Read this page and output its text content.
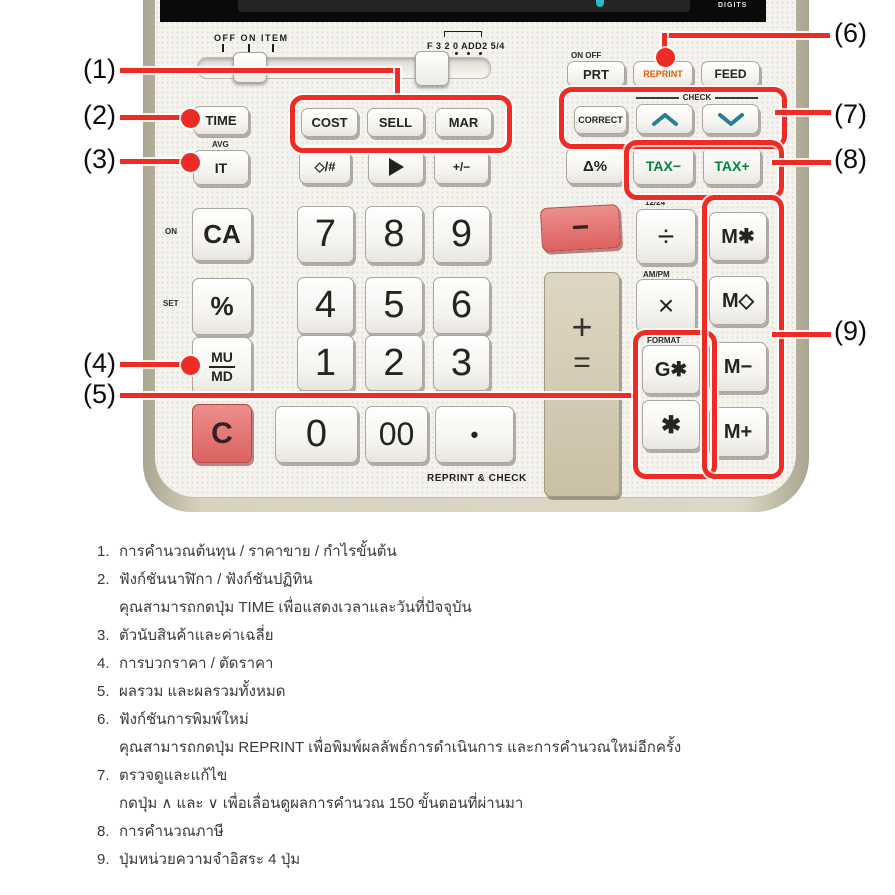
DIGITS
OFF ON ITEM
F 3 2 0 ADD2 5/4
ON OFF
PRT	REPRINT	FEED
CHECK
CORRECT
TIME	COST	SELL	MAR
AVG
IT	◇/#	+/−	Δ%	TAX−	TAX+
ON	CA	7	8	9	−
12/24
÷	M✱
SET	%	4	5	6
+
=
AM/PM
×	M◇
MU
MD	1	2	3
FORMAT
G✱	M−
C	0	00	•	✱	M+
REPRINT & CHECK
(1)
(2)
(3)
(4)
(5)
(6)
(7)
(8)
(9)
1. การคำนวณต้นทุน / ราคาขาย / กำไรขั้นต้น
2. ฟังก์ชันนาฬิกา / ฟังก์ชันปฏิทิน
คุณสามารถกดปุ่ม TIME เพื่อแสดงเวลาและวันที่ปัจจุบัน
3. ตัวนับสินค้าและค่าเฉลี่ย
4. การบวกราคา / ตัดราคา
5. ผลรวม และผลรวมทั้งหมด
6. ฟังก์ชันการพิมพ์ใหม่
คุณสามารถกดปุ่ม REPRINT เพื่อพิมพ์ผลลัพธ์การดำเนินการ และการคำนวณใหม่อีกครั้ง
7. ตรวจดูและแก้ไข
กดปุ่ม ∧ และ ∨ เพื่อเลื่อนดูผลการคำนวณ 150 ขั้นตอนที่ผ่านมา
8. การคำนวณภาษี
9. ปุ่มหน่วยความจำอิสระ 4 ปุ่ม
